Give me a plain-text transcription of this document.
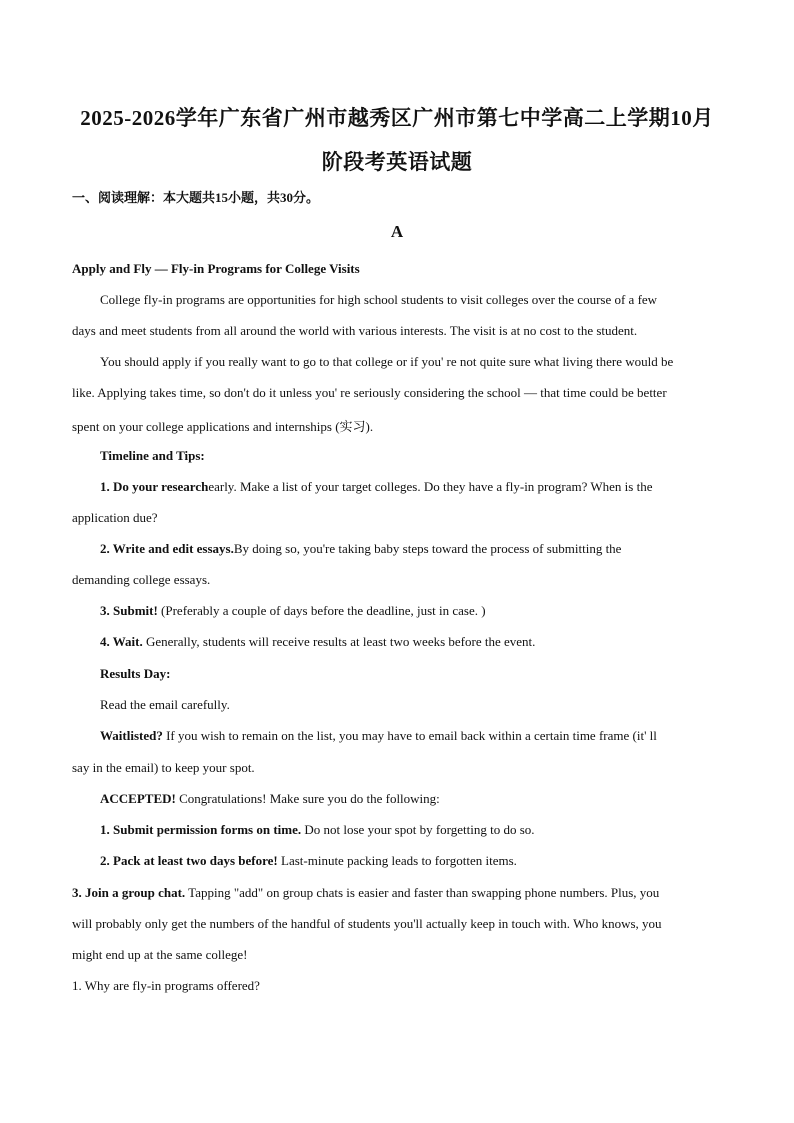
2025-2026学年广东省广州市越秀区广州市第七中学高二上学期10月
阶段考英语试题
一、阅读理解：本大题共15小题，共30分。
A
Apply and Fly — Fly-in Programs for College Visits
College fly-in programs are opportunities for high school students to visit colleges over the course of a few
days and meet students from all around the world with various interests. The visit is at no cost to the student.
You should apply if you really want to go to that college or if you' re not quite sure what living there would be
like. Applying takes time, so don't do it unless you' re seriously considering the school — that time could be better
spent on your college applications and internships (实习).
Timeline and Tips:
1. Do your researchearly. Make a list of your target colleges. Do they have a fly-in program? When is the
application due?
2. Write and edit essays.By doing so, you're taking baby steps toward the process of submitting the
demanding college essays.
3. Submit! (Preferably a couple of days before the deadline, just in case. )
4. Wait. Generally, students will receive results at least two weeks before the event.
Results Day:
Read the email carefully.
Waitlisted? If you wish to remain on the list, you may have to email back within a certain time frame (it' ll
say in the email) to keep your spot.
ACCEPTED! Congratulations! Make sure you do the following:
1. Submit permission forms on time. Do not lose your spot by forgetting to do so.
2. Pack at least two days before! Last-minute packing leads to forgotten items.
3. Join a group chat. Tapping "add" on group chats is easier and faster than swapping phone numbers. Plus, you
will probably only get the numbers of the handful of students you'll actually keep in touch with. Who knows, you
might end up at the same college!
1. Why are fly-in programs offered?
